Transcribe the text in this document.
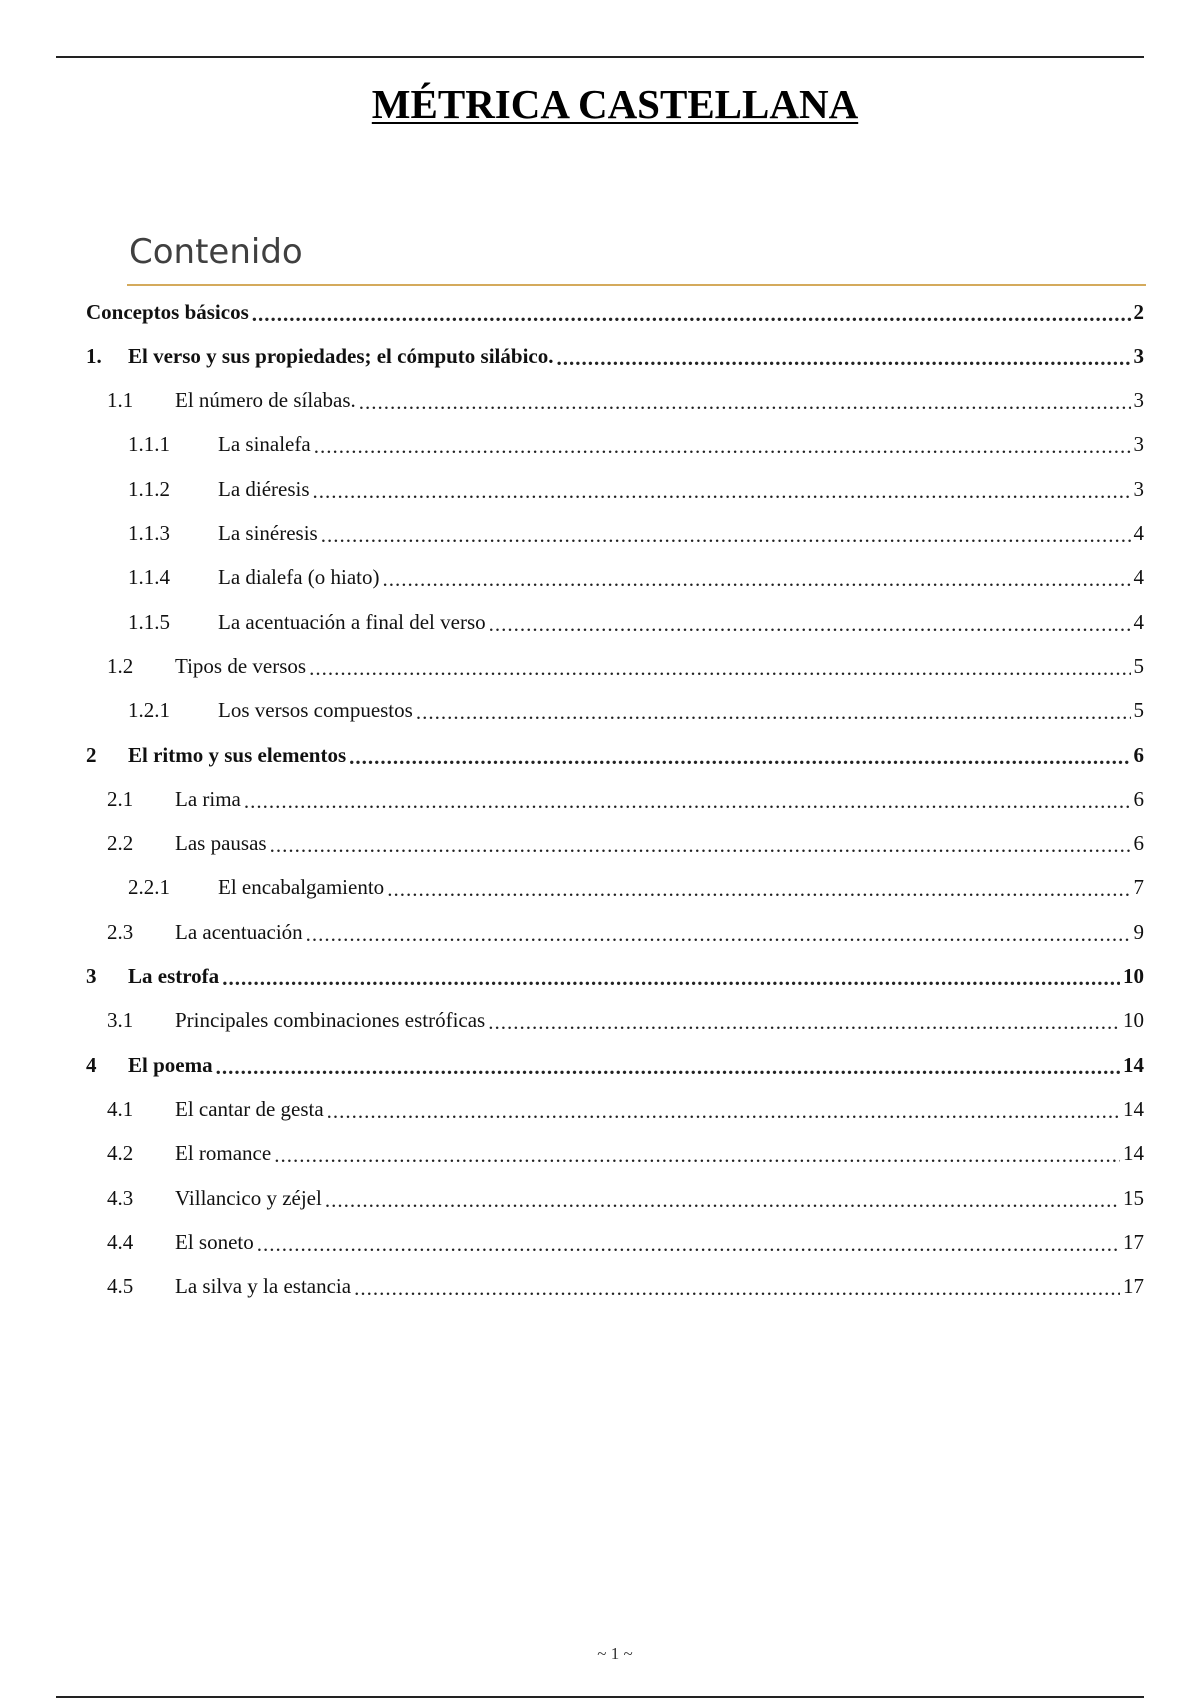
MÉTRICA CASTELLANA
Contenido
Conceptos básicos .....	2
1.	El verso y sus propiedades; el cómputo silábico. .....	3
1.1	El número de sílabas. .....	3
1.1.1	La sinalefa .....	3
1.1.2	La diéresis .....	3
1.1.3	La sinéresis .....	4
1.1.4	La dialefa (o hiato) .....	4
1.1.5	La acentuación a final del verso .....	4
1.2	Tipos de versos .....	5
1.2.1	Los versos compuestos .....	5
2	El ritmo y sus elementos .....	6
2.1	La rima .....	6
2.2	Las pausas .....	6
2.2.1	El encabalgamiento .....	7
2.3	La acentuación .....	9
3	La estrofa .....	10
3.1	Principales combinaciones estróficas .....	10
4	El poema .....	14
4.1	El cantar de gesta .....	14
4.2	El romance .....	14
4.3	Villancico y zéjel .....	15
4.4	El soneto .....	17
4.5	La silva y la estancia .....	17
~ 1 ~
